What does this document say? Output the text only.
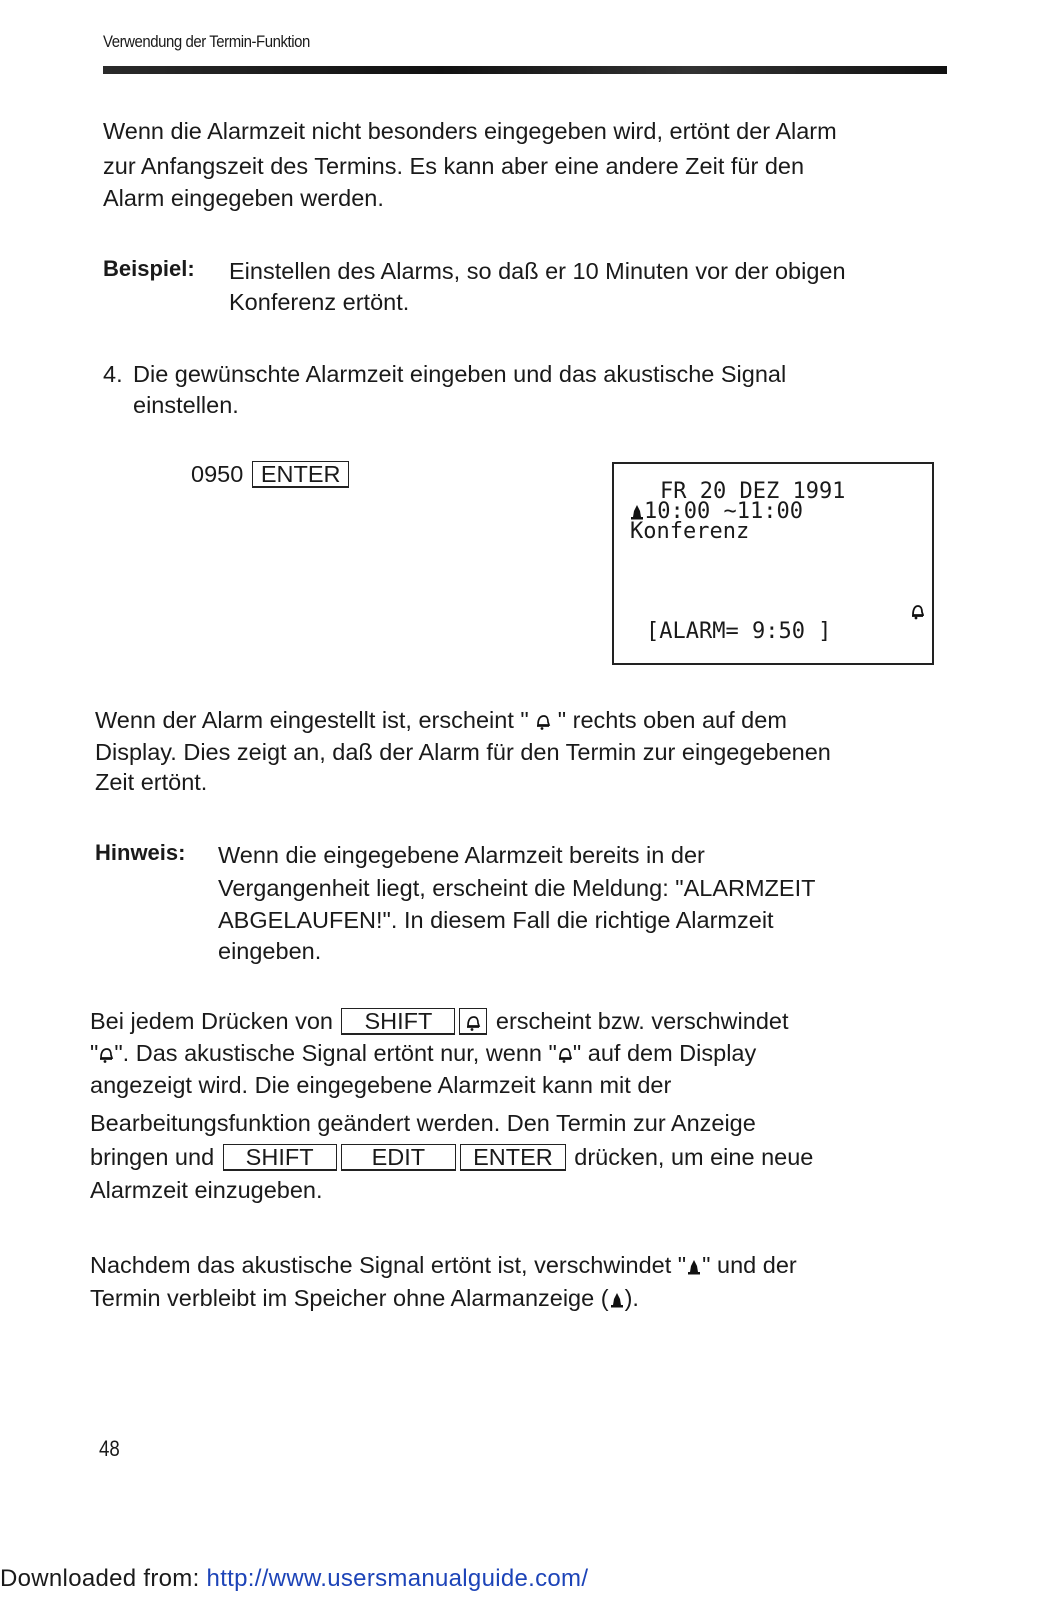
Verwendung der Termin-Funktion
Wenn die Alarmzeit nicht besonders eingegeben wird, ertönt der Alarm
zur Anfangszeit des Termins. Es kann aber eine andere Zeit für den
Alarm eingegeben werden.
Beispiel: Einstellen des Alarms, so daß er 10 Minuten vor der obigen
Konferenz ertönt.
4. Die gewünschte Alarmzeit eingeben und das akustische Signal
einstellen.
0950 ENTER
FR 20 DEZ 1991
10:00 ~11:00
Konferenz
[ALARM= 9:50 ]
Wenn der Alarm eingestellt ist, erscheint " " rechts oben auf dem
Display. Dies zeigt an, daß der Alarm für den Termin zur eingegebenen
Zeit ertönt.
Hinweis: Wenn die eingegebene Alarmzeit bereits in der
Vergangenheit liegt, erscheint die Meldung: "ALARMZEIT
ABGELAUFEN!". In diesem Fall die richtige Alarmzeit
eingeben.
Bei jedem Drücken von SHIFT	erscheint bzw. verschwindet
" ". Das akustische Signal ertönt nur, wenn " " auf dem Display
angezeigt wird. Die eingegebene Alarmzeit kann mit der
Bearbeitungsfunktion geändert werden. Den Termin zur Anzeige
bringen und SHIFT EDIT ENTER drücken, um eine neue
Alarmzeit einzugeben.
Nachdem das akustische Signal ertönt ist, verschwindet " " und der
Termin verbleibt im Speicher ohne Alarmanzeige ( ).
48
Downloaded from: http://www.usersmanualguide.com/
